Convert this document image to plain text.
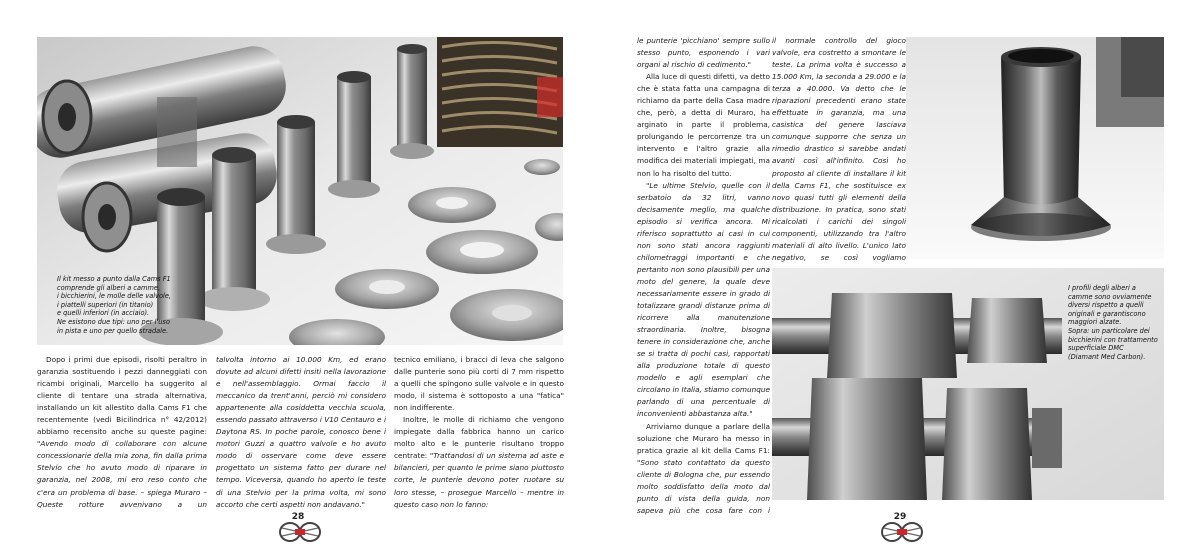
Il kit messo a punto dalla Cams F1
comprende gli alberi a camme,
i bicchierini, le molle delle valvole,
i piattelli superiori (in titanio)
e quelli inferiori (in acciaio).
Ne esistono due tipi: uno per l'uso
in pista e uno per quello stradale.

Dopo i primi due episodi, risolti peraltro in garanzia sostituendo i pezzi danneggiati con ricambi originali, Marcello ha suggerito al cliente di tentare una strada alternativa, installando un kit allestito dalla Cams F1 che recentemente (vedi Bicilindrica n° 42/2012) abbiamo recensito anche su queste pagine: "Avendo modo di collaborare con alcune concessionarie della mia zona, fin dalla prima Stelvio che ho avuto modo di riparare in garanzia, nel 2008, mi ero reso conto che c'era un problema di base. – spiega Muraro – Queste rotture avvenivano a un

talvolta intorno ai 10.000 Km, ed erano dovute ad alcuni difetti insiti nella lavorazione e nell'assemblaggio. Ormai faccio il meccanico da trent'anni, perciò mi considero appartenente alla cosiddetta vecchia scuola, essendo passato attraverso i V10 Centauro e i Daytona RS. In poche parole, conosco bene i motori Guzzi a quattro valvole e ho avuto modo di osservare come deve essere progettato un sistema fatto per durare nel tempo. Viceversa, quando ho aperto le teste di una Stelvio per la prima volta, mi sono accorto che certi aspetti non andavano."

tecnico emiliano, i bracci di leva che salgono dalle punterie sono più corti di 7 mm rispetto a quelli che spingono sulle valvole e in questo modo, il sistema è sottoposto a una "fatica" non indifferente.

Inoltre, le molle di richiamo che vengono impiegate dalla fabbrica hanno un carico molto alto e le punterie risultano troppo centrate: "Trattandosi di un sistema ad aste e bilancieri, per quanto le prime siano piuttosto corte, le punterie devono poter ruotare su loro stesse, – prosegue Marcello – mentre in questo caso non lo fanno:

28

le punterie 'picchiano' sempre sullo stesso punto, esponendo i vari organi al rischio di cedimento."

Alla luce di questi difetti, va detto che è stata fatta una campagna di richiamo da parte della Casa madre che, però, a detta di Muraro, ha arginato in parte il problema, prolungando le percorrenze tra un intervento e l'altro grazie alla modifica dei materiali impiegati, ma non lo ha risolto del tutto.

"Le ultime Stelvio, quelle con il serbatoio da 32 litri, vanno decisamente meglio, ma qualche episodio si verifica ancora. Mi riferisco soprattutto ai casi in cui non sono stati ancora raggiunti chilometraggi importanti e che pertanto non sono plausibili per una moto del genere, la quale deve necessariamente essere in grado di totalizzare grandi distanze prima di ricorrere alla manutenzione straordinaria. Inoltre, bisogna tenere in considerazione che, anche se si tratta di pochi casi, rapportati alla produzione totale di questo modello e agli esemplari che circolano in Italia, stiamo comunque parlando di una percentuale di inconvenienti abbastanza alta."

Arriviamo dunque a parlare della soluzione che Muraro ha messo in pratica grazie al kit della Cams F1: "Sono stato contattato da questo cliente di Bologna che, pur essendo molto soddisfatto della moto dal punto di vista della guida, non sapeva più che cosa fare con i

il normale controllo del gioco valvole, era costretto a smontare le teste. La prima volta è successo a 15.000 Km, la seconda a 29.000 e la terza a 40.000. Va detto che le riparazioni precedenti erano state effettuate in garanzia, ma una casistica del genere lasciava comunque supporre che senza un rimedio drastico si sarebbe andati avanti così all'infinito. Così ho proposto al cliente di installare il kit della Cams F1, che sostituisce ex novo quasi tutti gli elementi della distribuzione. In pratica, sono stati ricalcolati i carichi dei singoli componenti, utilizzando tra l'altro materiali di alto livello. L'unico lato negativo, se così vogliamo

I profili degli alberi a
camme sono ovviamente
diversi rispetto a quelli
originali e garantiscono
maggiori alzate.
Sopra: un particolare dei
bicchierini con trattamento
superficiale DMC
(Diamant Med Carbon).
29
